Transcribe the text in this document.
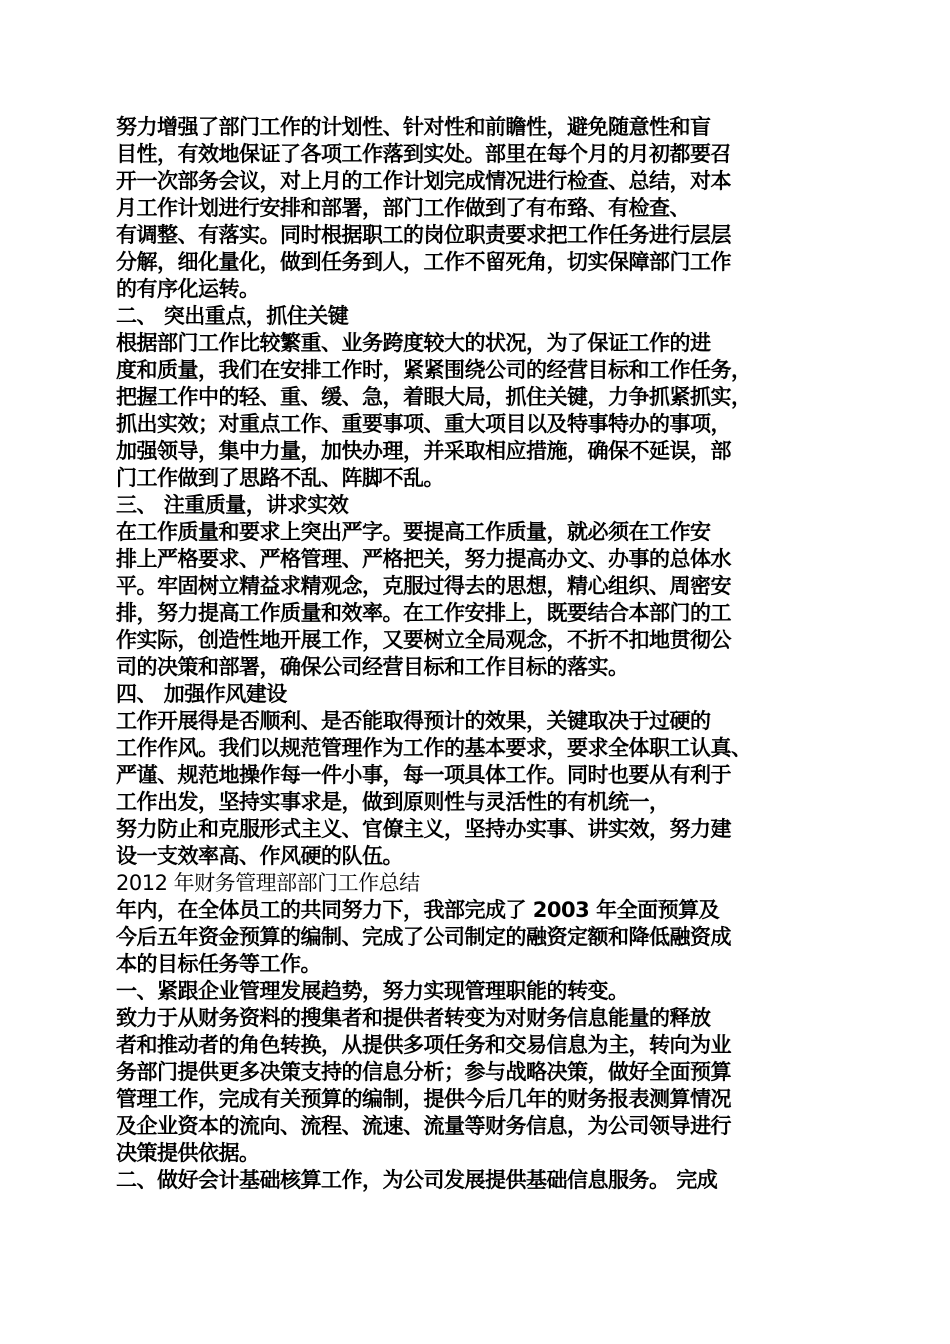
努力增强了部门工作的计划性、针对性和前瞻性，避免随意性和盲
目性，有效地保证了各项工作落到实处。部里在每个月的月初都要召
开一次部务会议，对上月的工作计划完成情况进行检查、总结，对本
月工作计划进行安排和部署，部门工作做到了有布臵、有检查、
有调整、有落实。同时根据职工的岗位职责要求把工作任务进行层层
分解，细化量化，做到任务到人，工作不留死角，切实保障部门工作
的有序化运转。
二、 突出重点，抓住关键
根据部门工作比较繁重、业务跨度较大的状况，为了保证工作的进
度和质量，我们在安排工作时，紧紧围绕公司的经营目标和工作任务，
把握工作中的轻、重、缓、急，着眼大局，抓住关键，力争抓紧抓实，
抓出实效；对重点工作、重要事项、重大项目以及特事特办的事项，
加强领导，集中力量，加快办理，并采取相应措施，确保不延误，部
门工作做到了思路不乱、阵脚不乱。
三、 注重质量，讲求实效
在工作质量和要求上突出严字。要提高工作质量，就必须在工作安
排上严格要求、严格管理、严格把关，努力提高办文、办事的总体水
平。牢固树立精益求精观念，克服过得去的思想，精心组织、周密安
排，努力提高工作质量和效率。在工作安排上，既要结合本部门的工
作实际，创造性地开展工作，又要树立全局观念，不折不扣地贯彻公
司的决策和部署，确保公司经营目标和工作目标的落实。
四、 加强作风建设
工作开展得是否顺利、是否能取得预计的效果，关键取决于过硬的
工作作风。我们以规范管理作为工作的基本要求，要求全体职工认真、
严谨、规范地操作每一件小事，每一项具体工作。同时也要从有利于
工作出发，坚持实事求是，做到原则性与灵活性的有机统一，
努力防止和克服形式主义、官僚主义，坚持办实事、讲实效，努力建
设一支效率高、作风硬的队伍。
2012 年财务管理部部门工作总结
年内，在全体员工的共同努力下，我部完成了 2003 年全面预算及
今后五年资金预算的编制、完成了公司制定的融资定额和降低融资成
本的目标任务等工作。
一、紧跟企业管理发展趋势，努力实现管理职能的转变。
致力于从财务资料的搜集者和提供者转变为对财务信息能量的释放
者和推动者的角色转换，从提供多项任务和交易信息为主，转向为业
务部门提供更多决策支持的信息分析；参与战略决策，做好全面预算
管理工作，完成有关预算的编制，提供今后几年的财务报表测算情况
及企业资本的流向、流程、流速、流量等财务信息，为公司领导进行
决策提供依据。
二、做好会计基础核算工作，为公司发展提供基础信息服务。 完成
